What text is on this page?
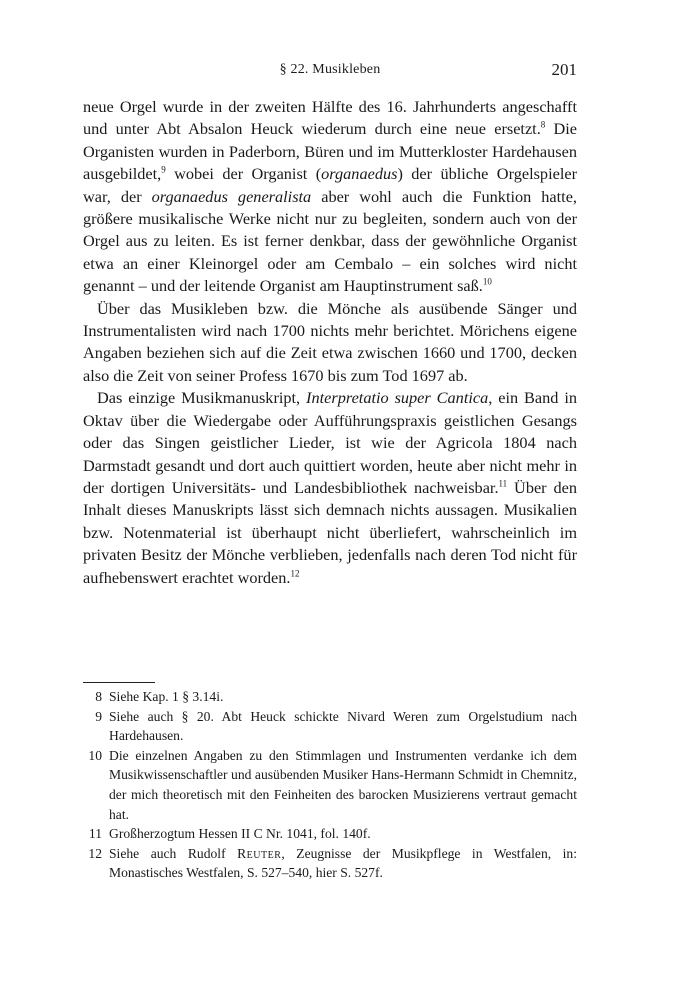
§ 22. Musikleben	201

neue Orgel wurde in der zweiten Hälfte des 16. Jahrhunderts angeschafft und unter Abt Absalon Heuck wiederum durch eine neue ersetzt.$^8$ Die Organisten wurden in Paderborn, Büren und im Mutterkloster Hardehausen ausgebildet,$^9$ wobei der Organist (organaedus) der übliche Orgelspieler war, der organaedus generalista aber wohl auch die Funktion hatte, größere musikalische Werke nicht nur zu begleiten, sondern auch von der Orgel aus zu leiten. Es ist ferner denkbar, dass der gewöhnliche Organist etwa an einer Kleinorgel oder am Cembalo – ein solches wird nicht genannt – und der leitende Organist am Hauptinstrument saß.$^{10}$

Über das Musikleben bzw. die Mönche als ausübende Sänger und Instrumentalisten wird nach 1700 nichts mehr berichtet. Mörichens eigene Angaben beziehen sich auf die Zeit etwa zwischen 1660 und 1700, decken also die Zeit von seiner Profess 1670 bis zum Tod 1697 ab.

Das einzige Musikmanuskript, Interpretatio super Cantica, ein Band in Oktav über die Wiedergabe oder Aufführungspraxis geistlichen Gesangs oder das Singen geistlicher Lieder, ist wie der Agricola 1804 nach Darmstadt gesandt und dort auch quittiert worden, heute aber nicht mehr in der dortigen Universitäts- und Landesbibliothek nachweisbar.$^{11}$ Über den Inhalt dieses Manuskripts lässt sich demnach nichts aussagen. Musikalien bzw. Notenmaterial ist überhaupt nicht überliefert, wahrscheinlich im privaten Besitz der Mönche verblieben, jedenfalls nach deren Tod nicht für aufhebenswert erachtet worden.$^{12}$

8 Siehe Kap. 1 § 3.14i.
9 Siehe auch § 20. Abt Heuck schickte Nivard Weren zum Orgelstudium nach Hardehausen.
10 Die einzelnen Angaben zu den Stimmlagen und Instrumenten verdanke ich dem Musikwissenschaftler und ausübenden Musiker Hans-Hermann Schmidt in Chemnitz, der mich theoretisch mit den Feinheiten des barocken Musizierens vertraut gemacht hat.
11 Großherzogtum Hessen II C Nr. 1041, fol. 140f.
12 Siehe auch Rudolf Reuter, Zeugnisse der Musikpflege in Westfalen, in: Monastisches Westfalen, S. 527–540, hier S. 527f.
